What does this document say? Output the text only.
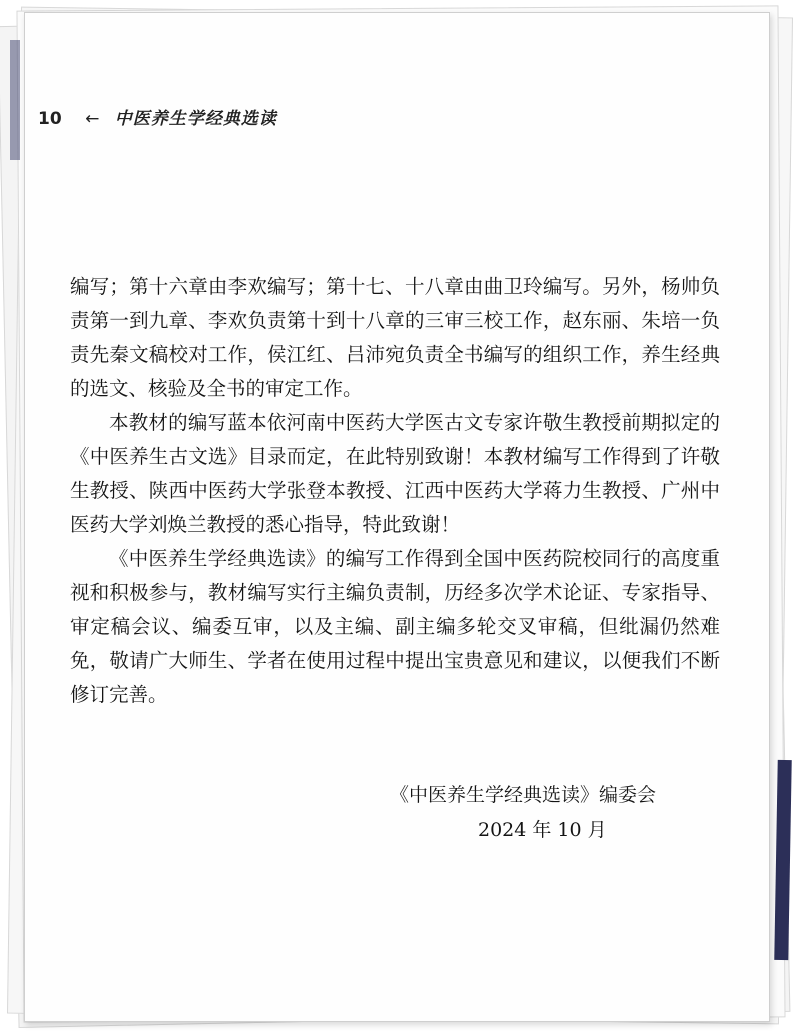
10 ← 中医养生学经典选读

编写；第十六章由李欢编写；第十七、十八章由曲卫玲编写。另外，杨帅负责第一到九章、李欢负责第十到十八章的三审三校工作，赵东丽、朱培一负责先秦文稿校对工作，侯江红、吕沛宛负责全书编写的组织工作，养生经典的选文、核验及全书的审定工作。

本教材的编写蓝本依河南中医药大学医古文专家许敬生教授前期拟定的《中医养生古文选》目录而定，在此特别致谢！本教材编写工作得到了许敬生教授、陕西中医药大学张登本教授、江西中医药大学蒋力生教授、广州中医药大学刘焕兰教授的悉心指导，特此致谢！

《中医养生学经典选读》的编写工作得到全国中医药院校同行的高度重视和积极参与，教材编写实行主编负责制，历经多次学术论证、专家指导、审定稿会议、编委互审，以及主编、副主编多轮交叉审稿，但纰漏仍然难免，敬请广大师生、学者在使用过程中提出宝贵意见和建议，以便我们不断修订完善。

《中医养生学经典选读》编委会
2024 年 10 月
